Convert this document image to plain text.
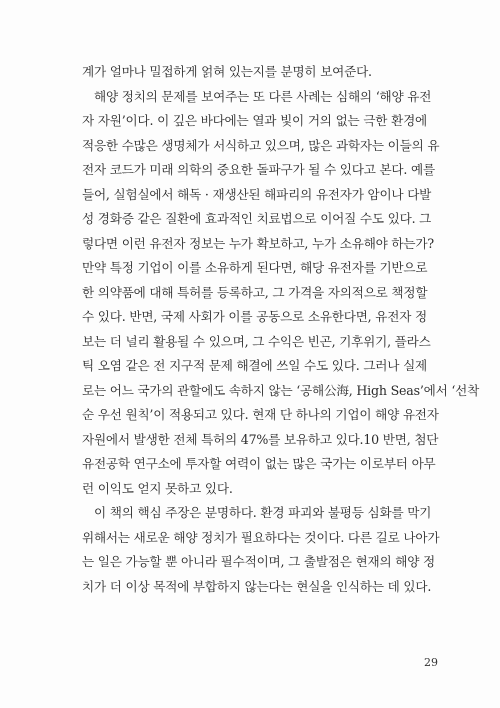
계가 얼마나 밀접하게 얽혀 있는지를 분명히 보여준다.
해양 정치의 문제를 보여주는 또 다른 사례는 심해의 ‘해양 유전
자 자원’이다. 이 깊은 바다에는 열과 빛이 거의 없는 극한 환경에
적응한 수많은 생명체가 서식하고 있으며, 많은 과학자는 이들의 유
전자 코드가 미래 의학의 중요한 돌파구가 될 수 있다고 본다. 예를
들어, 실험실에서 해독 · 재생산된 해파리의 유전자가 암이나 다발
성 경화증 같은 질환에 효과적인 치료법으로 이어질 수도 있다. 그
렇다면 이런 유전자 정보는 누가 확보하고, 누가 소유해야 하는가?
만약 특정 기업이 이를 소유하게 된다면, 해당 유전자를 기반으로
한 의약품에 대해 특허를 등록하고, 그 가격을 자의적으로 책정할
수 있다. 반면, 국제 사회가 이를 공동으로 소유한다면, 유전자 정
보는 더 널리 활용될 수 있으며, 그 수익은 빈곤, 기후위기, 플라스
틱 오염 같은 전 지구적 문제 해결에 쓰일 수도 있다. 그러나 실제
로는 어느 국가의 관할에도 속하지 않는 ‘공해公海, High Seas’에서 ‘선착
순 우선 원칙’이 적용되고 있다. 현재 단 하나의 기업이 해양 유전자
자원에서 발생한 전체 특허의 47%를 보유하고 있다.10 반면, 첨단
유전공학 연구소에 투자할 여력이 없는 많은 국가는 이로부터 아무
런 이익도 얻지 못하고 있다.
이 책의 핵심 주장은 분명하다. 환경 파괴와 불평등 심화를 막기
위해서는 새로운 해양 정치가 필요하다는 것이다. 다른 길로 나아가
는 일은 가능할 뿐 아니라 필수적이며, 그 출발점은 현재의 해양 정
치가 더 이상 목적에 부합하지 않는다는 현실을 인식하는 데 있다.
29
